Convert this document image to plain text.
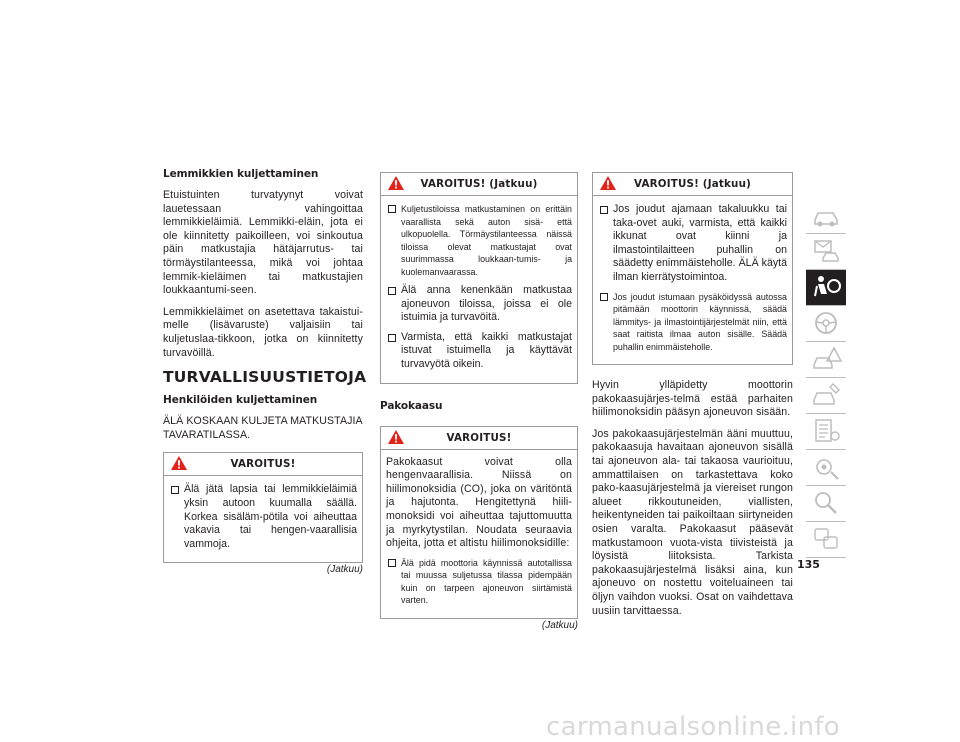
Lemmikkien kuljettaminen

Etuistuinten turvatyynyt voivat lauetessaan vahingoittaa lemmikkieläimiä. Lemmikki-eläin, jota ei ole kiinnitetty paikoilleen, voi sinkoutua päin matkustajia hätäjarrutus- tai törmäystilanteessa, mikä voi johtaa lemmik-kieläimen tai matkustajien loukkaantumi-seen.

Lemmikkieläimet on asetettava takaistui-melle (lisävaruste) valjaisiin tai kuljetuslaa-tikkoon, jotka on kiinnitetty turvavöillä.

TURVALLISUUSTIETOJA
Henkilöiden kuljettaminen

ÄLÄ KOSKAAN KULJETA MATKUSTAJIA TAVARATILASSA.

VAROITUS!
Älä jätä lapsia tai lemmikkieläimiä yksin autoon kuumalla säällä. Korkea sisäläm-pötila voi aiheuttaa vakavia tai hengen-vaarallisia vammoja.
(Jatkuu)
VAROITUS! (Jatkuu)
Kuljetustiloissa matkustaminen on erittäin vaarallista sekä auton sisä- että ulkopuolella. Törmäystilanteessa näissä tiloissa olevat matkustajat ovat suurimmassa loukkaan-tumis- ja kuolemanvaarassa.
Älä anna kenenkään matkustaa ajoneuvon tiloissa, joissa ei ole istuimia ja turvavöitä.
Varmista, että kaikki matkustajat istuvat istuimella ja käyttävät turvavyötä oikein.
Pakokaasu
VAROITUS!

Pakokaasut voivat olla hengenvaarallisia. Niissä on hiilimonoksidia (CO), joka on väritöntä ja hajutonta. Hengitettynä hiili-monoksidi voi aiheuttaa tajuttomuutta ja myrkytystilan. Noudata seuraavia ohjeita, jotta et altistu hiilimonoksidille:

Älä pidä moottoria käynnissä autotallissa tai muussa suljetussa tilassa pidempään kuin on tarpeen ajoneuvon siirtämistä varten.
(Jatkuu)
VAROITUS! (Jatkuu)
Jos joudut ajamaan takaluukku tai taka-ovet auki, varmista, että kaikki ikkunat ovat kiinni ja ilmastointilaitteen puhallin on säädetty enimmäisteholle. ÄLÄ käytä ilman kierrätystoimintoa.
Jos joudut istumaan pysäköidyssä autossa pitämään moottorin käynnissä, säädä lämmitys- ja ilmastointijärjestelmät niin, että saat raitista ilmaa auton sisälle. Säädä puhallin enimmäisteholle.

Hyvin ylläpidetty moottorin pakokaasujärjes-telmä estää parhaiten hiilimonoksidin pääsyn ajoneuvon sisään.

Jos pakokaasujärjestelmän ääni muuttuu, pakokaasuja havaitaan ajoneuvon sisällä tai ajoneuvon ala- tai takaosa vaurioituu, ammattilaisen on tarkastettava koko pako-kaasujärjestelmä ja viereiset rungon alueet rikkoutuneiden, viallisten, heikentyneiden tai paikoiltaan siirtyneiden osien varalta. Pakokaasut pääsevät matkustamoon vuota-vista tiivisteistä ja löysistä liitoksista. Tarkista pakokaasujärjestelmä lisäksi aina, kun ajoneuvo on nostettu voiteluaineen tai öljyn vaihdon vuoksi. Osat on vaihdettava uusiin tarvittaessa.

135
carmanualsonline.info
